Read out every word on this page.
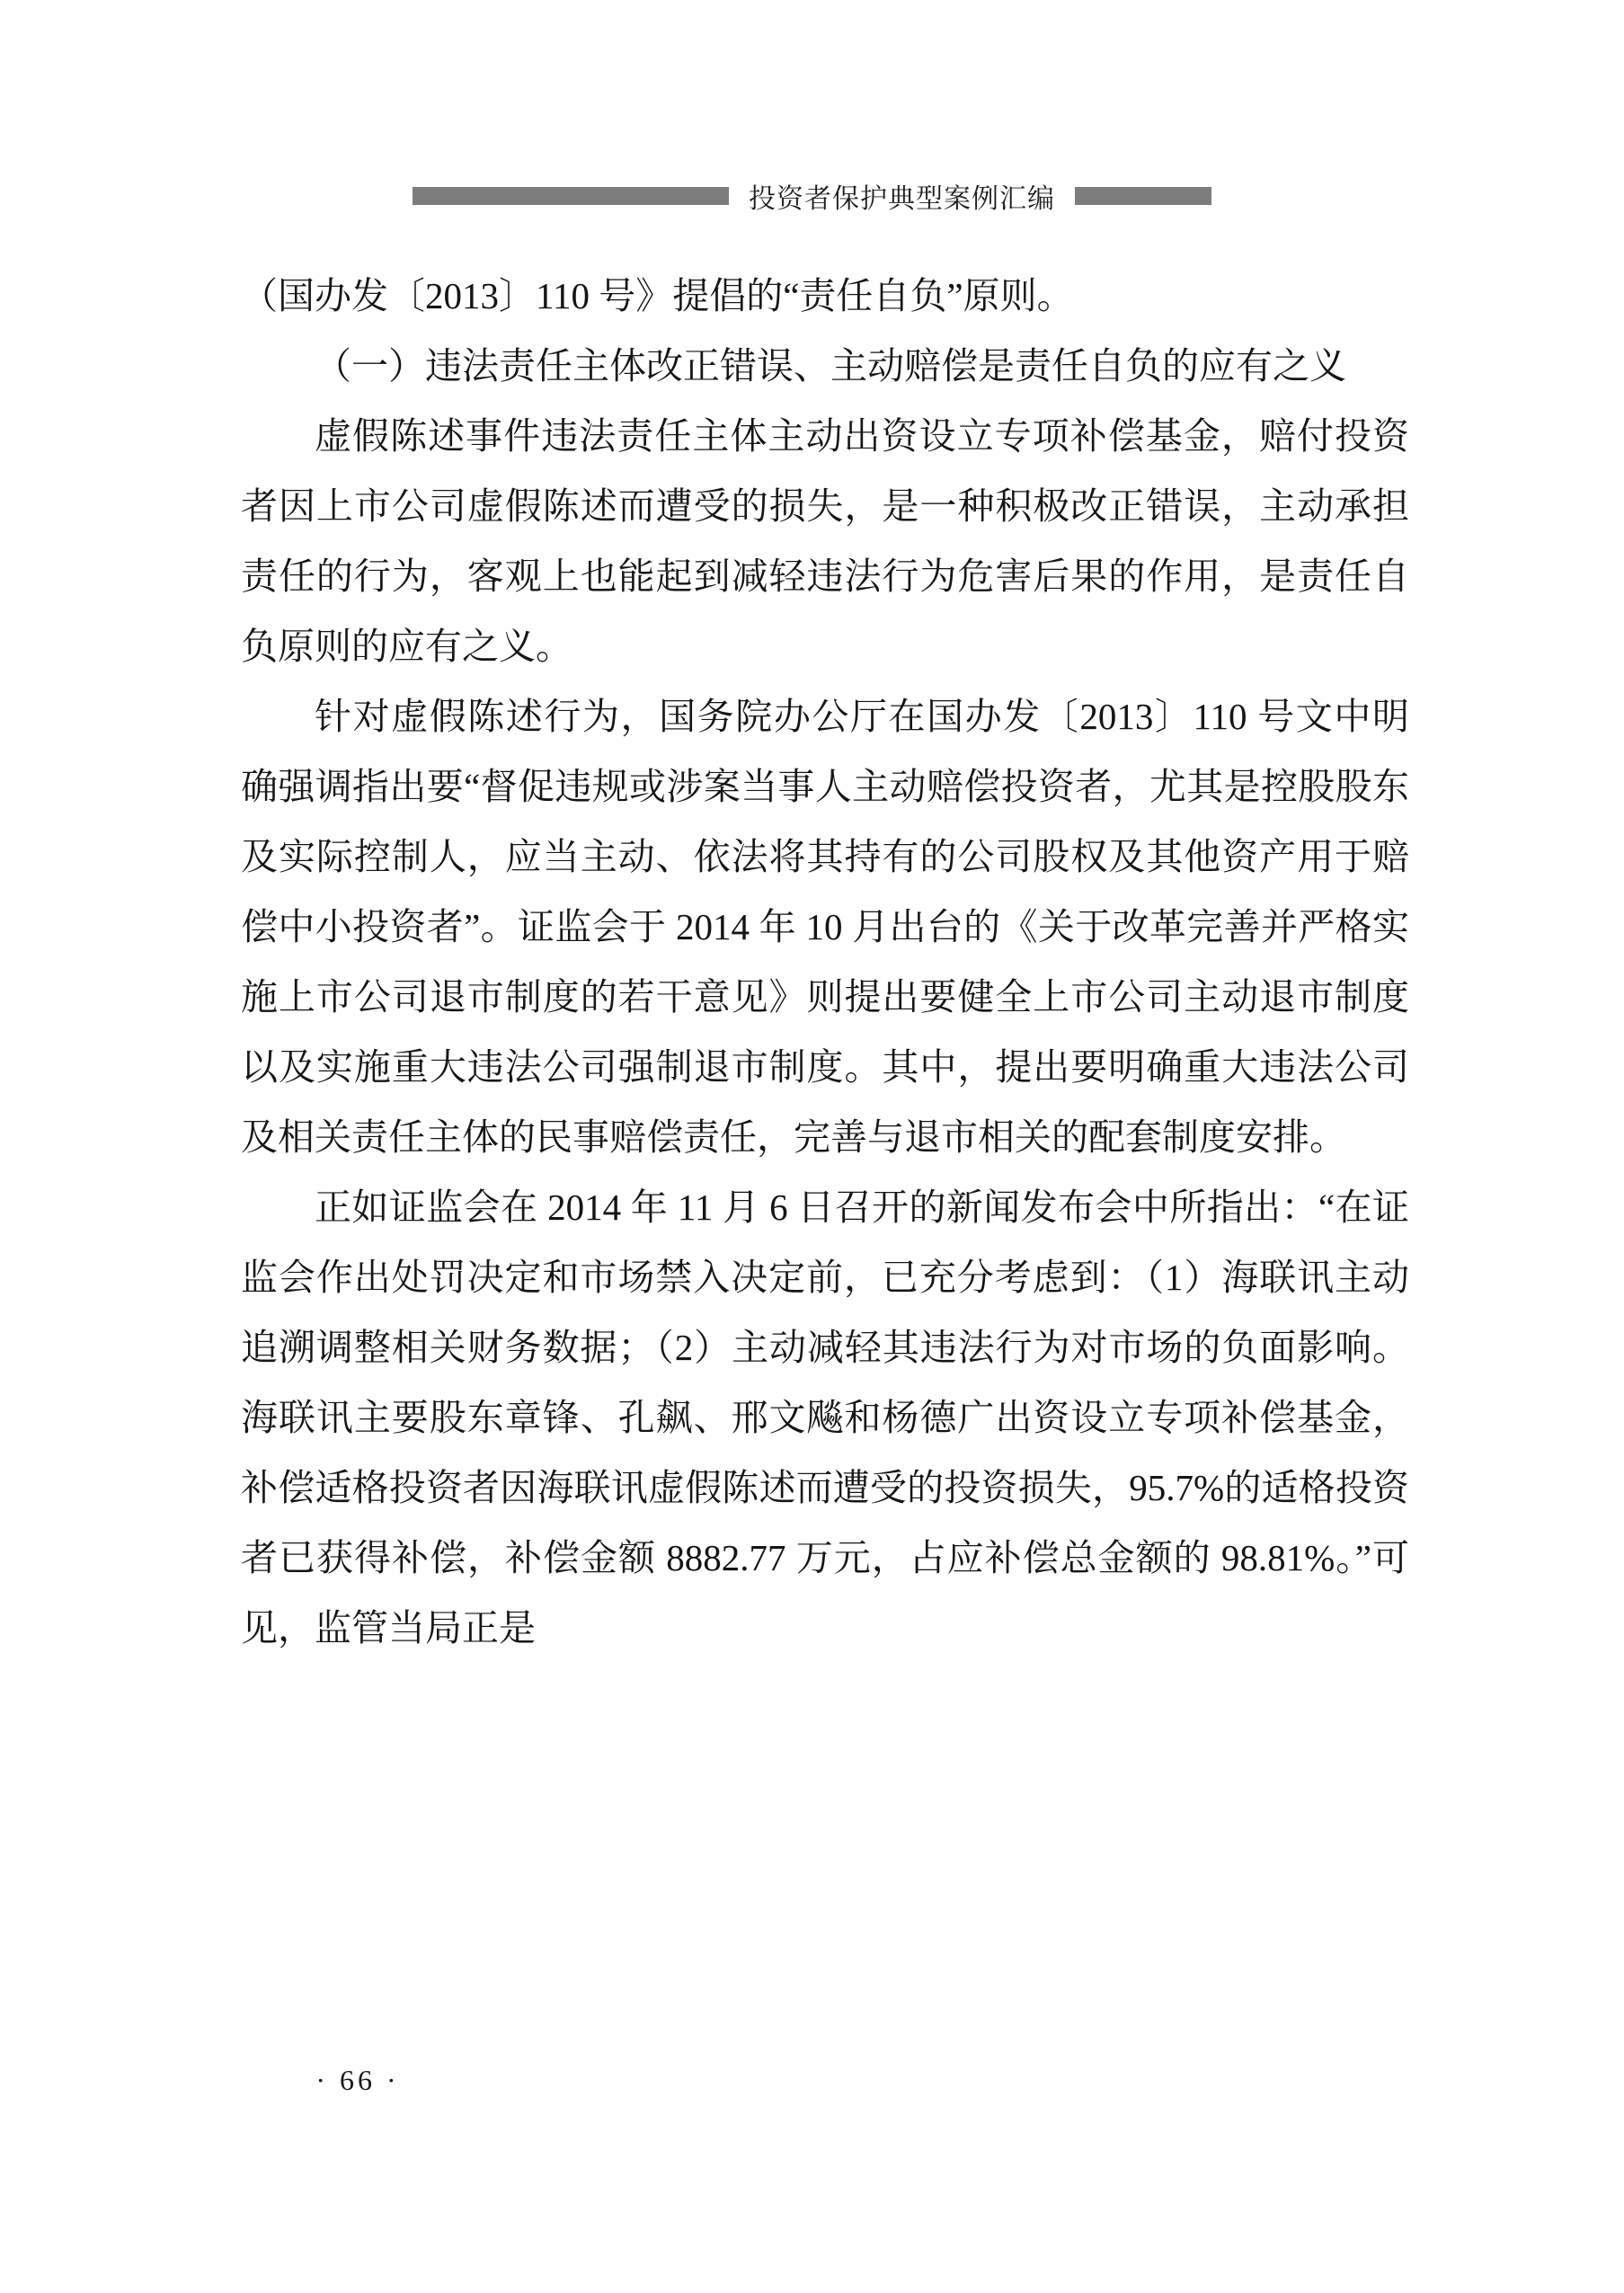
投资者保护典型案例汇编

（国办发〔2013〕110 号》提倡的“责任自负”原则。

（一）违法责任主体改正错误、主动赔偿是责任自负的应有之义

虚假陈述事件违法责任主体主动出资设立专项补偿基金，赔付投资者因上市公司虚假陈述而遭受的损失，是一种积极改正错误，主动承担责任的行为，客观上也能起到减轻违法行为危害后果的作用，是责任自负原则的应有之义。

针对虚假陈述行为，国务院办公厅在国办发〔2013〕110 号文中明确强调指出要“督促违规或涉案当事人主动赔偿投资者，尤其是控股股东及实际控制人，应当主动、依法将其持有的公司股权及其他资产用于赔偿中小投资者”。证监会于 2014 年 10 月出台的《关于改革完善并严格实施上市公司退市制度的若干意见》则提出要健全上市公司主动退市制度以及实施重大违法公司强制退市制度。其中，提出要明确重大违法公司及相关责任主体的民事赔偿责任，完善与退市相关的配套制度安排。

正如证监会在 2014 年 11 月 6 日召开的新闻发布会中所指出：“在证监会作出处罚决定和市场禁入决定前，已充分考虑到：（1）海联讯主动追溯调整相关财务数据；（2）主动减轻其违法行为对市场的负面影响。海联讯主要股东章锋、孔飙、邢文飚和杨德广出资设立专项补偿基金，补偿适格投资者因海联讯虚假陈述而遭受的投资损失，95.7%的适格投资者已获得补偿，补偿金额 8882.77 万元，占应补偿总金额的 98.81%。”可见，监管当局正是

· 66 ·
